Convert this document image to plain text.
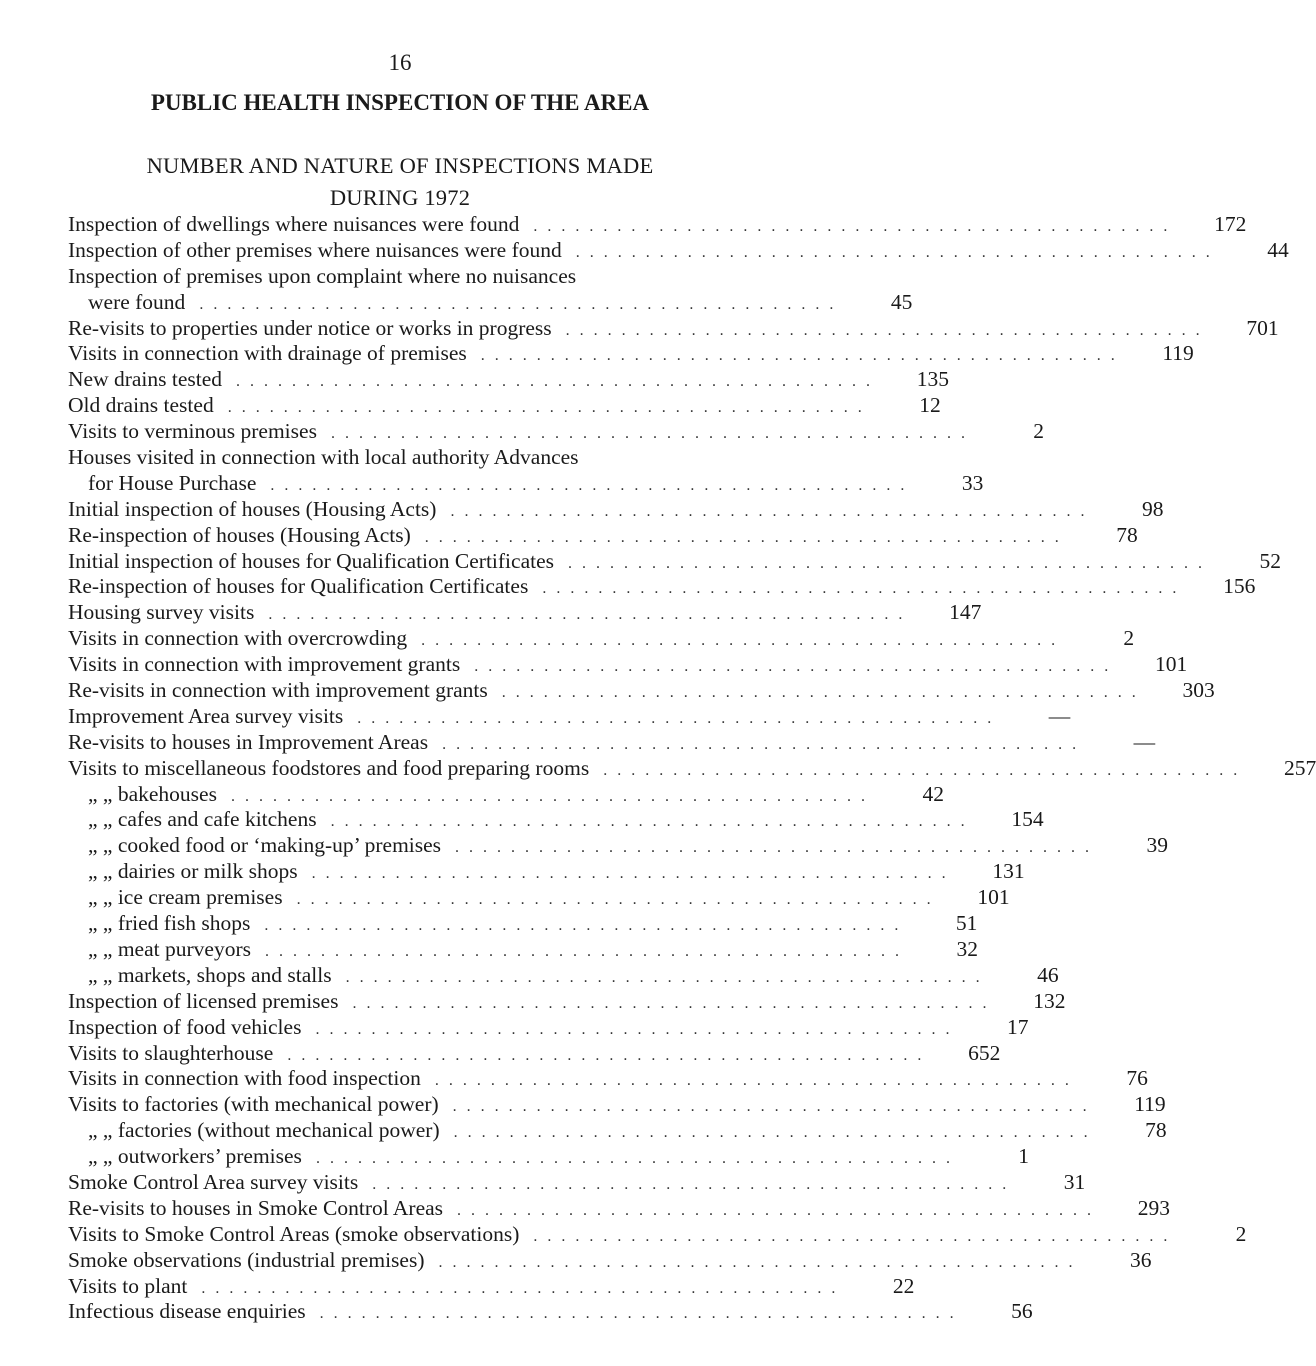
16
PUBLIC HEALTH INSPECTION OF THE AREA
NUMBER AND NATURE OF INSPECTIONS MADE
DURING 1972
Inspection of dwellings where nuisances were found . . . . . . . . . . . . . . . . . . . . . . . . . . . . . . . . . . . . . . . . . . . . . .	172
Inspection of other premises where nuisances were found . . . . . . . . . . . . . . . . . . . . . . . . . . . . . . . . . . . . . . . . . . . . . .	44
Inspection of premises upon complaint where no nuisances
were found . . . . . . . . . . . . . . . . . . . . . . . . . . . . . . . . . . . . . . . . . . . . . .	45
Re-visits to properties under notice or works in progress . . . . . . . . . . . . . . . . . . . . . . . . . . . . . . . . . . . . . . . . . . . . . .	701
Visits in connection with drainage of premises . . . . . . . . . . . . . . . . . . . . . . . . . . . . . . . . . . . . . . . . . . . . . .	119
New drains tested . . . . . . . . . . . . . . . . . . . . . . . . . . . . . . . . . . . . . . . . . . . . . .	135
Old drains tested . . . . . . . . . . . . . . . . . . . . . . . . . . . . . . . . . . . . . . . . . . . . . .	12
Visits to verminous premises . . . . . . . . . . . . . . . . . . . . . . . . . . . . . . . . . . . . . . . . . . . . . .	2
Houses visited in connection with local authority Advances
for House Purchase . . . . . . . . . . . . . . . . . . . . . . . . . . . . . . . . . . . . . . . . . . . . . .	33
Initial inspection of houses (Housing Acts) . . . . . . . . . . . . . . . . . . . . . . . . . . . . . . . . . . . . . . . . . . . . . .	98
Re-inspection of houses (Housing Acts) . . . . . . . . . . . . . . . . . . . . . . . . . . . . . . . . . . . . . . . . . . . . . .	78
Initial inspection of houses for Qualification Certificates . . . . . . . . . . . . . . . . . . . . . . . . . . . . . . . . . . . . . . . . . . . . . .	52
Re-inspection of houses for Qualification Certificates . . . . . . . . . . . . . . . . . . . . . . . . . . . . . . . . . . . . . . . . . . . . . .	156
Housing survey visits . . . . . . . . . . . . . . . . . . . . . . . . . . . . . . . . . . . . . . . . . . . . . .	147
Visits in connection with overcrowding . . . . . . . . . . . . . . . . . . . . . . . . . . . . . . . . . . . . . . . . . . . . . .	2
Visits in connection with improvement grants . . . . . . . . . . . . . . . . . . . . . . . . . . . . . . . . . . . . . . . . . . . . . .	101
Re-visits in connection with improvement grants . . . . . . . . . . . . . . . . . . . . . . . . . . . . . . . . . . . . . . . . . . . . . .	303
Improvement Area survey visits . . . . . . . . . . . . . . . . . . . . . . . . . . . . . . . . . . . . . . . . . . . . . .	—
Re-visits to houses in Improvement Areas . . . . . . . . . . . . . . . . . . . . . . . . . . . . . . . . . . . . . . . . . . . . . .	—
Visits to miscellaneous foodstores and food preparing rooms . . . . . . . . . . . . . . . . . . . . . . . . . . . . . . . . . . . . . . . . . . . . . .	257
„ „ bakehouses . . . . . . . . . . . . . . . . . . . . . . . . . . . . . . . . . . . . . . . . . . . . . .	42
„ „ cafes and cafe kitchens . . . . . . . . . . . . . . . . . . . . . . . . . . . . . . . . . . . . . . . . . . . . . .	154
„ „ cooked food or ‘making-up’ premises . . . . . . . . . . . . . . . . . . . . . . . . . . . . . . . . . . . . . . . . . . . . . .	39
„ „ dairies or milk shops . . . . . . . . . . . . . . . . . . . . . . . . . . . . . . . . . . . . . . . . . . . . . .	131
„ „ ice cream premises . . . . . . . . . . . . . . . . . . . . . . . . . . . . . . . . . . . . . . . . . . . . . .	101
„ „ fried fish shops . . . . . . . . . . . . . . . . . . . . . . . . . . . . . . . . . . . . . . . . . . . . . .	51
„ „ meat purveyors . . . . . . . . . . . . . . . . . . . . . . . . . . . . . . . . . . . . . . . . . . . . . .	32
„ „ markets, shops and stalls . . . . . . . . . . . . . . . . . . . . . . . . . . . . . . . . . . . . . . . . . . . . . .	46
Inspection of licensed premises . . . . . . . . . . . . . . . . . . . . . . . . . . . . . . . . . . . . . . . . . . . . . .	132
Inspection of food vehicles . . . . . . . . . . . . . . . . . . . . . . . . . . . . . . . . . . . . . . . . . . . . . .	17
Visits to slaughterhouse . . . . . . . . . . . . . . . . . . . . . . . . . . . . . . . . . . . . . . . . . . . . . .	652
Visits in connection with food inspection . . . . . . . . . . . . . . . . . . . . . . . . . . . . . . . . . . . . . . . . . . . . . .	76
Visits to factories (with mechanical power) . . . . . . . . . . . . . . . . . . . . . . . . . . . . . . . . . . . . . . . . . . . . . .	119
„ „ factories (without mechanical power) . . . . . . . . . . . . . . . . . . . . . . . . . . . . . . . . . . . . . . . . . . . . . .	78
„ „ outworkers’ premises . . . . . . . . . . . . . . . . . . . . . . . . . . . . . . . . . . . . . . . . . . . . . .	1
Smoke Control Area survey visits . . . . . . . . . . . . . . . . . . . . . . . . . . . . . . . . . . . . . . . . . . . . . .	31
Re-visits to houses in Smoke Control Areas . . . . . . . . . . . . . . . . . . . . . . . . . . . . . . . . . . . . . . . . . . . . . .	293
Visits to Smoke Control Areas (smoke observations) . . . . . . . . . . . . . . . . . . . . . . . . . . . . . . . . . . . . . . . . . . . . . .	2
Smoke observations (industrial premises) . . . . . . . . . . . . . . . . . . . . . . . . . . . . . . . . . . . . . . . . . . . . . .	36
Visits to plant . . . . . . . . . . . . . . . . . . . . . . . . . . . . . . . . . . . . . . . . . . . . . .	22
Infectious disease enquiries . . . . . . . . . . . . . . . . . . . . . . . . . . . . . . . . . . . . . . . . . . . . . .	56
